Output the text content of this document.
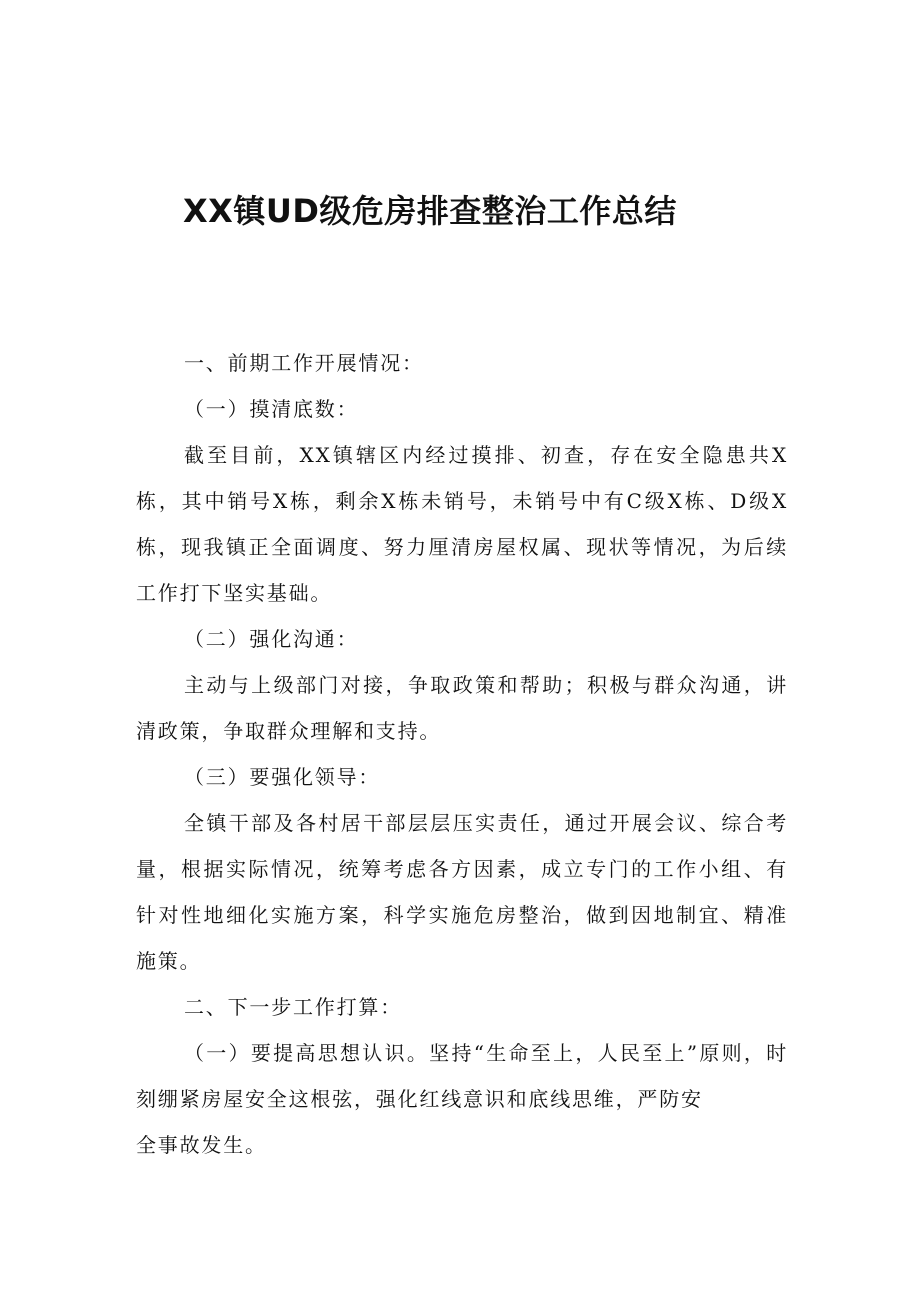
XX镇UD级危房排查整治工作总结

一、前期工作开展情况：

（一）摸清底数：

截至目前，XX镇辖区内经过摸排、初查，存在安全隐患共X栋，其中销号X栋，剩余X栋未销号，未销号中有C级X栋、D级X栋，现我镇正全面调度、努力厘清房屋权属、现状等情况，为后续工作打下坚实基础。

（二）强化沟通：

主动与上级部门对接，争取政策和帮助；积极与群众沟通，讲清政策，争取群众理解和支持。

（三）要强化领导：

全镇干部及各村居干部层层压实责任，通过开展会议、综合考量，根据实际情况，统筹考虑各方因素，成立专门的工作小组、有针对性地细化实施方案，科学实施危房整治，做到因地制宜、精准施策。

二、下一步工作打算：

（一）要提高思想认识。坚持“生命至上，人民至上”原则，时刻绷紧房屋安全这根弦，强化红线意识和底线思维，严防安

全事故发生。
